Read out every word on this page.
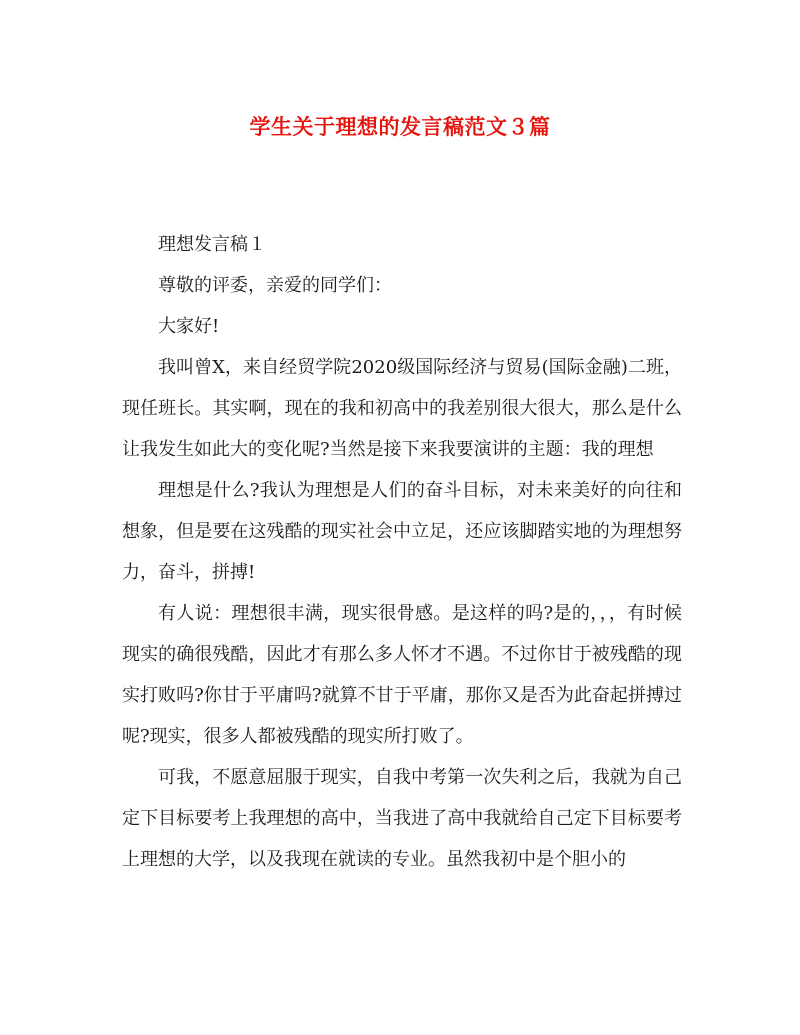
学生关于理想的发言稿范文３篇

理想发言稿１

尊敬的评委，亲爱的同学们：

大家好!

我叫曾X，来自经贸学院2020级国际经济与贸易(国际金融)二班，现任班长。其实啊，现在的我和初高中的我差别很大很大，那么是什么让我发生如此大的变化呢?当然是接下来我要演讲的主题：我的理想

理想是什么?我认为理想是人们的奋斗目标，对未来美好的向往和想象，但是要在这残酷的现实社会中立足，还应该脚踏实地的为理想努力，奋斗，拼搏!

有人说：理想很丰满，现实很骨感。是这样的吗?是的，，，有时候现实的确很残酷，因此才有那么多人怀才不遇。不过你甘于被残酷的现实打败吗?你甘于平庸吗?就算不甘于平庸，那你又是否为此奋起拼搏过呢?现实，很多人都被残酷的现实所打败了。

可我，不愿意屈服于现实，自我中考第一次失利之后，我就为自己定下目标要考上我理想的高中，当我进了高中我就给自己定下目标要考上理想的大学，以及我现在就读的专业。虽然我初中是个胆小的
